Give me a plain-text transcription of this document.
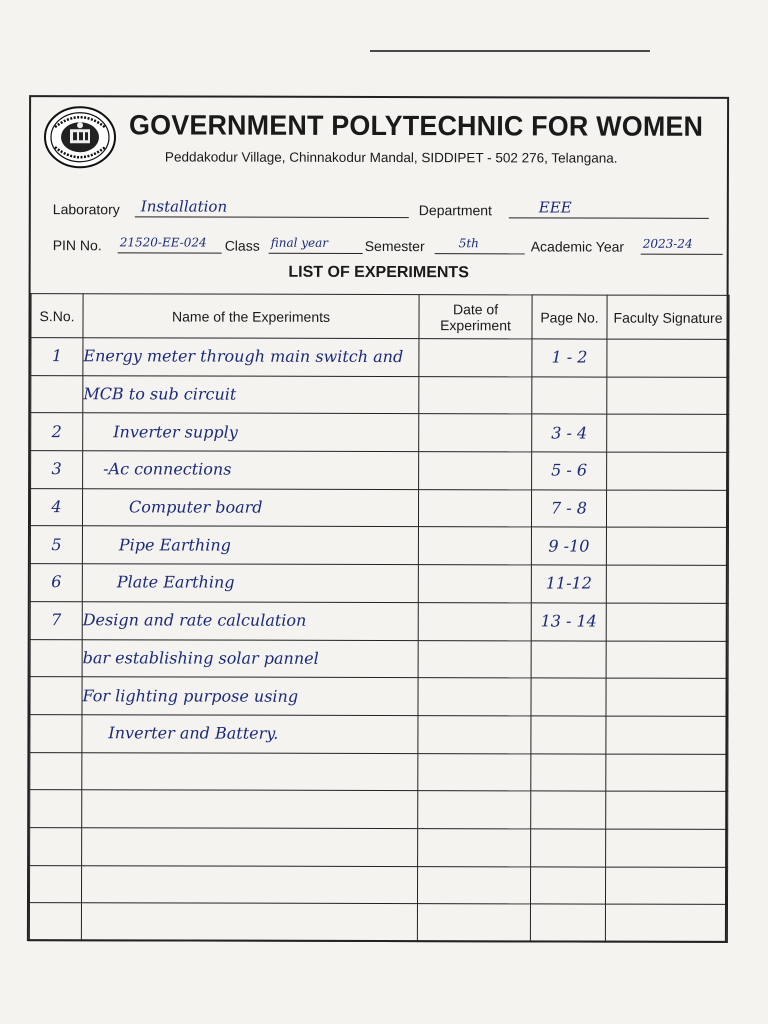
GOVERNMENT POLYTECHNIC FOR WOMEN
Peddakodur Village, Chinnakodur Mandal, SIDDIPET - 502 276, Telangana.
Laboratory	Installation	Department	EEE
PIN No. 21520-EE-024	Class final year	Semester	5th	Academic Year 2023-24
LIST OF EXPERIMENTS
S.No.	Name of the Experiments	Date of Experiment	Page No.	Faculty Signature
1	Energy meter through main switch and		1 - 2	
	MCB to sub circuit			
2	Inverter supply		3 - 4	
3	-Ac connections		5 - 6	
4	Computer board		7 - 8	
5	Pipe Earthing		9 -10	
6	Plate Earthing		11-12	
7	Design and rate calculation		13 - 14	
	bar establishing solar pannel			
	For lighting purpose using			
	Inverter and Battery.			
